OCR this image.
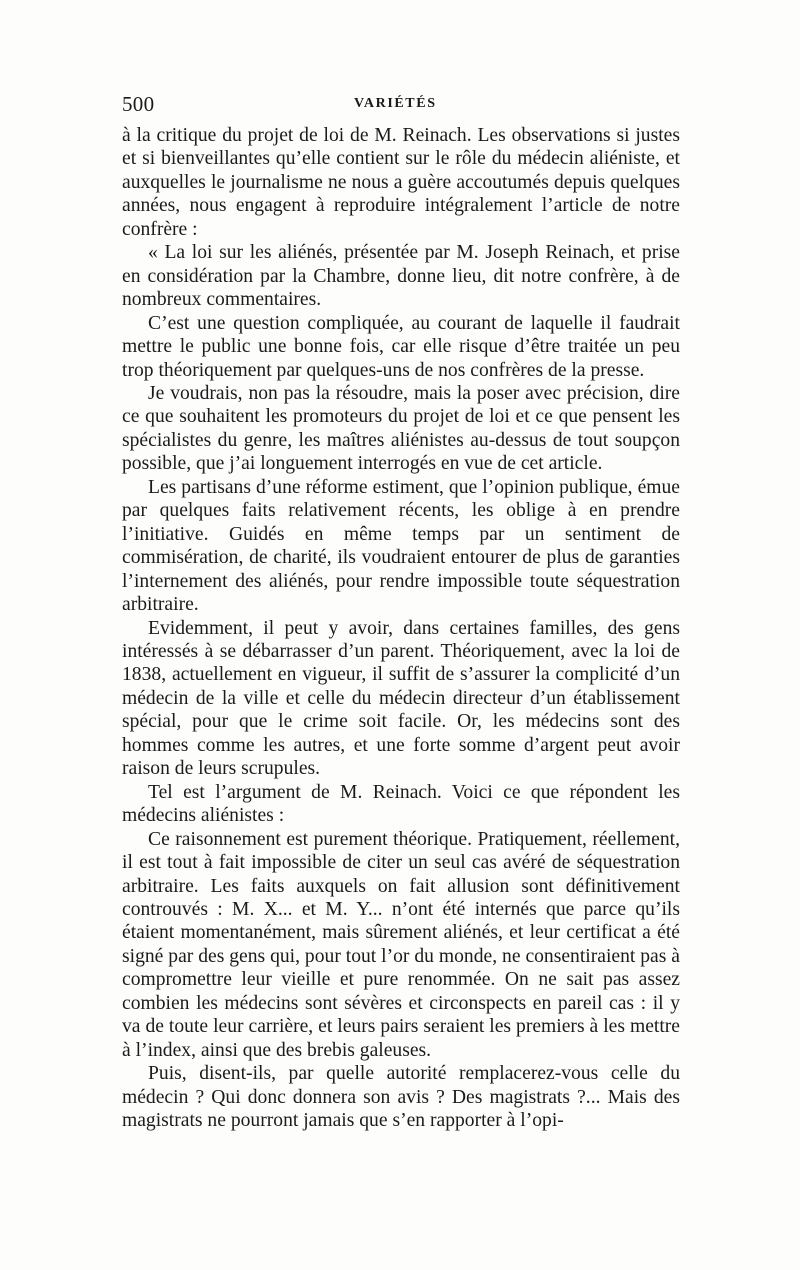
500	VARIÉTÉS

à la critique du projet de loi de M. Reinach. Les observations si justes et si bienveillantes qu’elle contient sur le rôle du médecin aliéniste, et auxquelles le journalisme ne nous a guère accoutumés depuis quelques années, nous engagent à reproduire intégralement l’article de notre confrère :

« La loi sur les aliénés, présentée par M. Joseph Reinach, et prise en considération par la Chambre, donne lieu, dit notre confrère, à de nombreux commentaires.

C’est une question compliquée, au courant de laquelle il faudrait mettre le public une bonne fois, car elle risque d’être traitée un peu trop théoriquement par quelques-uns de nos confrères de la presse.

Je voudrais, non pas la résoudre, mais la poser avec précision, dire ce que souhaitent les promoteurs du projet de loi et ce que pensent les spécialistes du genre, les maîtres aliénistes au-dessus de tout soupçon possible, que j’ai longuement interrogés en vue de cet article.

Les partisans d’une réforme estiment, que l’opinion publique, émue par quelques faits relativement récents, les oblige à en prendre l’initiative. Guidés en même temps par un sentiment de commisération, de charité, ils voudraient entourer de plus de garanties l’internement des aliénés, pour rendre impossible toute séquestration arbitraire.

Evidemment, il peut y avoir, dans certaines familles, des gens intéressés à se débarrasser d’un parent. Théoriquement, avec la loi de 1838, actuellement en vigueur, il suffit de s’assurer la complicité d’un médecin de la ville et celle du médecin directeur d’un établissement spécial, pour que le crime soit facile. Or, les médecins sont des hommes comme les autres, et une forte somme d’argent peut avoir raison de leurs scrupules.

Tel est l’argument de M. Reinach. Voici ce que répondent les médecins aliénistes :

Ce raisonnement est purement théorique. Pratiquement, réellement, il est tout à fait impossible de citer un seul cas avéré de séquestration arbitraire. Les faits auxquels on fait allusion sont définitivement controuvés : M. X... et M. Y... n’ont été internés que parce qu’ils étaient momentanément, mais sûrement aliénés, et leur certificat a été signé par des gens qui, pour tout l’or du monde, ne consentiraient pas à compromettre leur vieille et pure renommée. On ne sait pas assez combien les médecins sont sévères et circonspects en pareil cas : il y va de toute leur carrière, et leurs pairs seraient les premiers à les mettre à l’index, ainsi que des brebis galeuses.

Puis, disent-ils, par quelle autorité remplacerez-vous celle du médecin ? Qui donc donnera son avis ? Des magistrats ?... Mais des magistrats ne pourront jamais que s’en rapporter à l’opi-
